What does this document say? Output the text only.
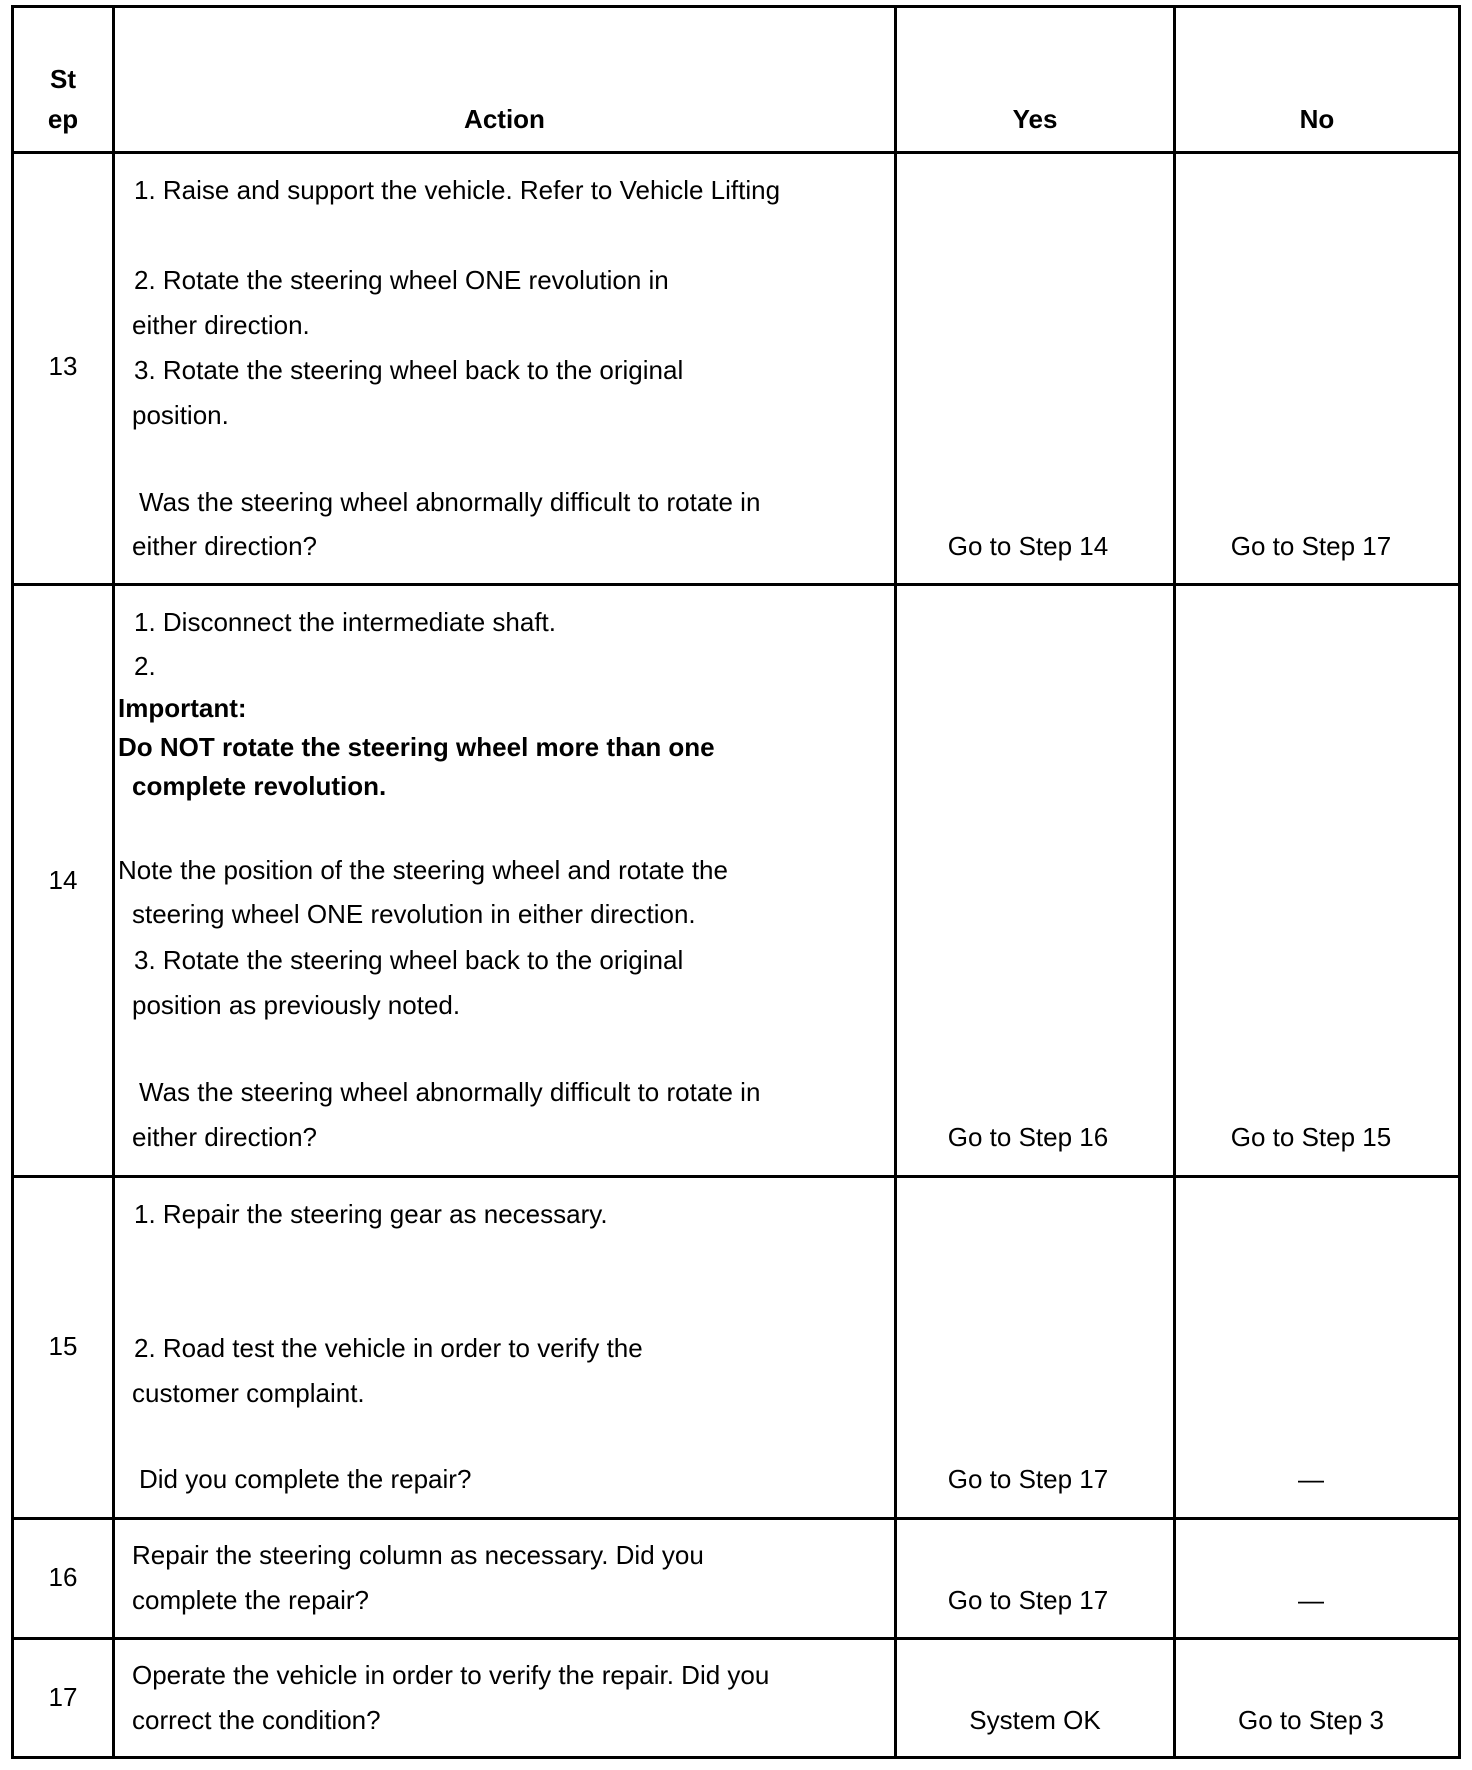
St
ep	Action	Yes	No
13
1. Raise and support the vehicle. Refer to Vehicle Lifting
2. Rotate the steering wheel ONE revolution in
either direction.
3. Rotate the steering wheel back to the original
position.
Was the steering wheel abnormally difficult to rotate in
either direction?	Go to Step 14	Go to Step 17
14
1. Disconnect the intermediate shaft.
2.
Important:
Do NOT rotate the steering wheel more than one
complete revolution.
Note the position of the steering wheel and rotate the
steering wheel ONE revolution in either direction.
3. Rotate the steering wheel back to the original
position as previously noted.
Was the steering wheel abnormally difficult to rotate in
either direction?	Go to Step 16	Go to Step 15
15
1. Repair the steering gear as necessary.
2. Road test the vehicle in order to verify the
customer complaint.
Did you complete the repair?	Go to Step 17	—
16
Repair the steering column as necessary. Did you
complete the repair?	Go to Step 17	—
17
Operate the vehicle in order to verify the repair. Did you
correct the condition?	System OK	Go to Step 3
